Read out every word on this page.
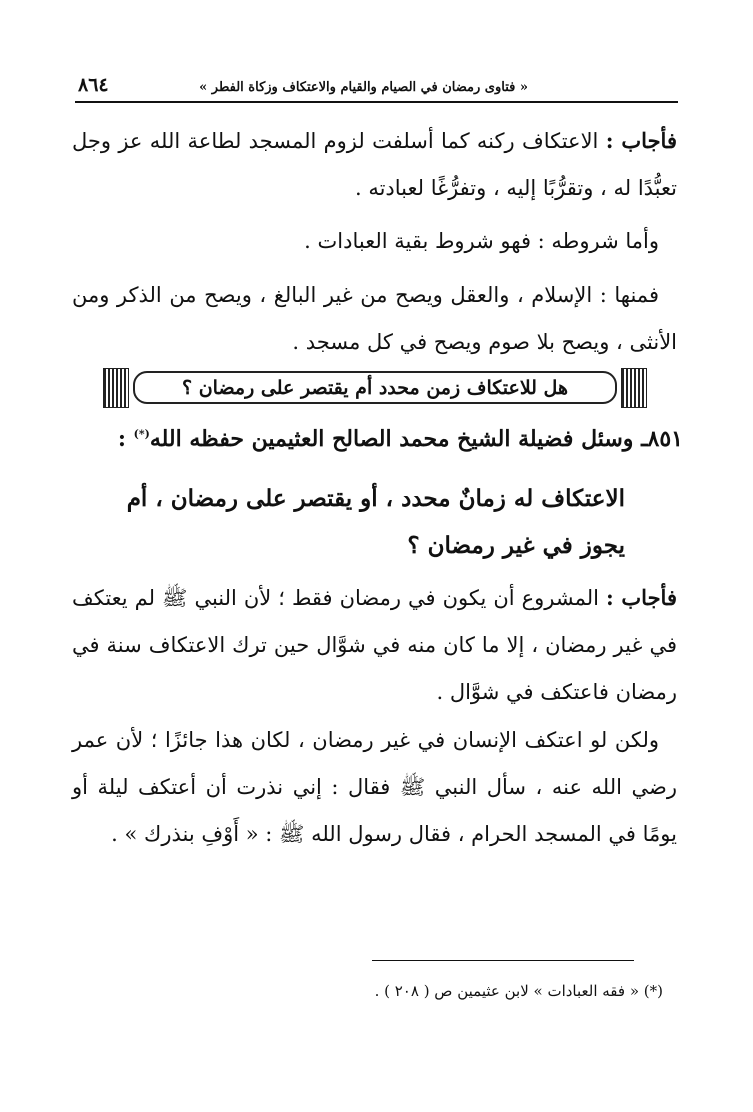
« فتاوى رمضان في الصيام والقيام والاعتكاف وزكاة الفطر »
٨٦٤

فأجاب : الاعتكاف ركنه كما أسلفت لزوم المسجد لطاعة الله عز وجل تعبُّدًا له ، وتقرُّبًا إليه ، وتفرُّغًا لعبادته .

وأما شروطه : فهو شروط بقية العبادات .

فمنها : الإسلام ، والعقل ويصح من غير البالغ ، ويصح من الذكر ومن الأنثى ، ويصح بلا صوم ويصح في كل مسجد .

هل للاعتكاف زمن محدد أم يقتصر على رمضان ؟
٨٥١ـ وسئل فضيلة الشيخ محمد الصالح العثيمين حفظه الله(*) :

الاعتكاف له زمانٌ محدد ، أو يقتصر على رمضان ، أم يجوز في غير رمضان ؟

فأجاب : المشروع أن يكون في رمضان فقط ؛ لأن النبي ﷺ لم يعتكف في غير رمضان ، إلا ما كان منه في شوَّال حين ترك الاعتكاف سنة في رمضان فاعتكف في شوَّال .

ولكن لو اعتكف الإنسان في غير رمضان ، لكان هذا جائزًا ؛ لأن عمر رضي الله عنه ، سأل النبي ﷺ فقال : إني نذرت أن أعتكف ليلة أو يومًا في المسجد الحرام ، فقال رسول الله ﷺ : « أَوْفِ بنذرك » .

(*) « فقه العبادات » لابن عثيمين ص ( ٢٠٨ ) .
